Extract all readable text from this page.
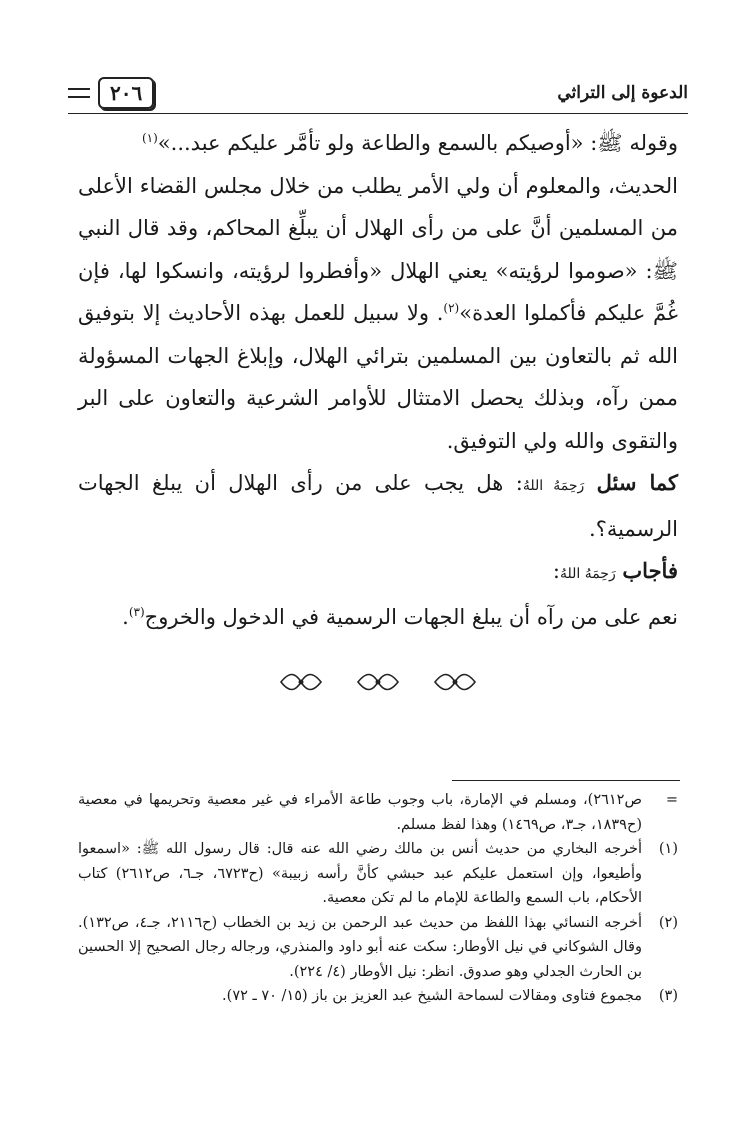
٢٠٦	الدعوة إلى التراثي

وقوله ﷺ: «أوصيكم بالسمع والطاعة ولو تأمَّر عليكم عبد...»$^{(١)}$

الحديث، والمعلوم أن ولي الأمر يطلب من خلال مجلس القضاء الأعلى من المسلمين أنَّ على من رأى الهلال أن يبلِّغ المحاكم، وقد قال النبي ﷺ: «صوموا لرؤيته» يعني الهلال «وأفطروا لرؤيته، وانسكوا لها، فإن غُمَّ عليكم فأكملوا العدة»$^{(٢)}$. ولا سبيل للعمل بهذه الأحاديث إلا بتوفيق الله ثم بالتعاون بين المسلمين بترائي الهلال، وإبلاغ الجهات المسؤولة ممن رآه، وبذلك يحصل الامتثال للأوامر الشرعية والتعاون على البر والتقوى والله ولي التوفيق.

كما سئل رَحِمَهُ اللهُ: هل يجب على من رأى الهلال أن يبلغ الجهات الرسمية؟.

فأجاب رَحِمَهُ اللهُ:

نعم على من رآه أن يبلغ الجهات الرسمية في الدخول والخروج$^{(٣)}$.

=
ص٢٦١٢)، ومسلم في الإمارة، باب وجوب طاعة الأمراء في غير معصية وتحريمها في معصية (ح١٨٣٩، جـ٣، ص١٤٦٩) وهذا لفظ مسلم.
(١)
أخرجه البخاري من حديث أنس بن مالك رضي الله عنه قال: قال رسول الله ﷺ: «اسمعوا وأطيعوا، وإن استعمل عليكم عبد حبشي كأنَّ رأسه زبيبة» (ح٦٧٢٣، جـ٦، ص٢٦١٢) كتاب الأحكام، باب السمع والطاعة للإمام ما لم تكن معصية.
(٢)
أخرجه النسائي بهذا اللفظ من حديث عبد الرحمن بن زيد بن الخطاب (ح٢١١٦، جـ٤، ص١٣٢). وقال الشوكاني في نيل الأوطار: سكت عنه أبو داود والمنذري، ورجاله رجال الصحيح إلا الحسين بن الحارث الجدلي وهو صدوق. انظر: نيل الأوطار (٤/ ٢٢٤).
(٣)
مجموع فتاوى ومقالات لسماحة الشيخ عبد العزيز بن باز (١٥/ ٧٠ ـ ٧٢).
